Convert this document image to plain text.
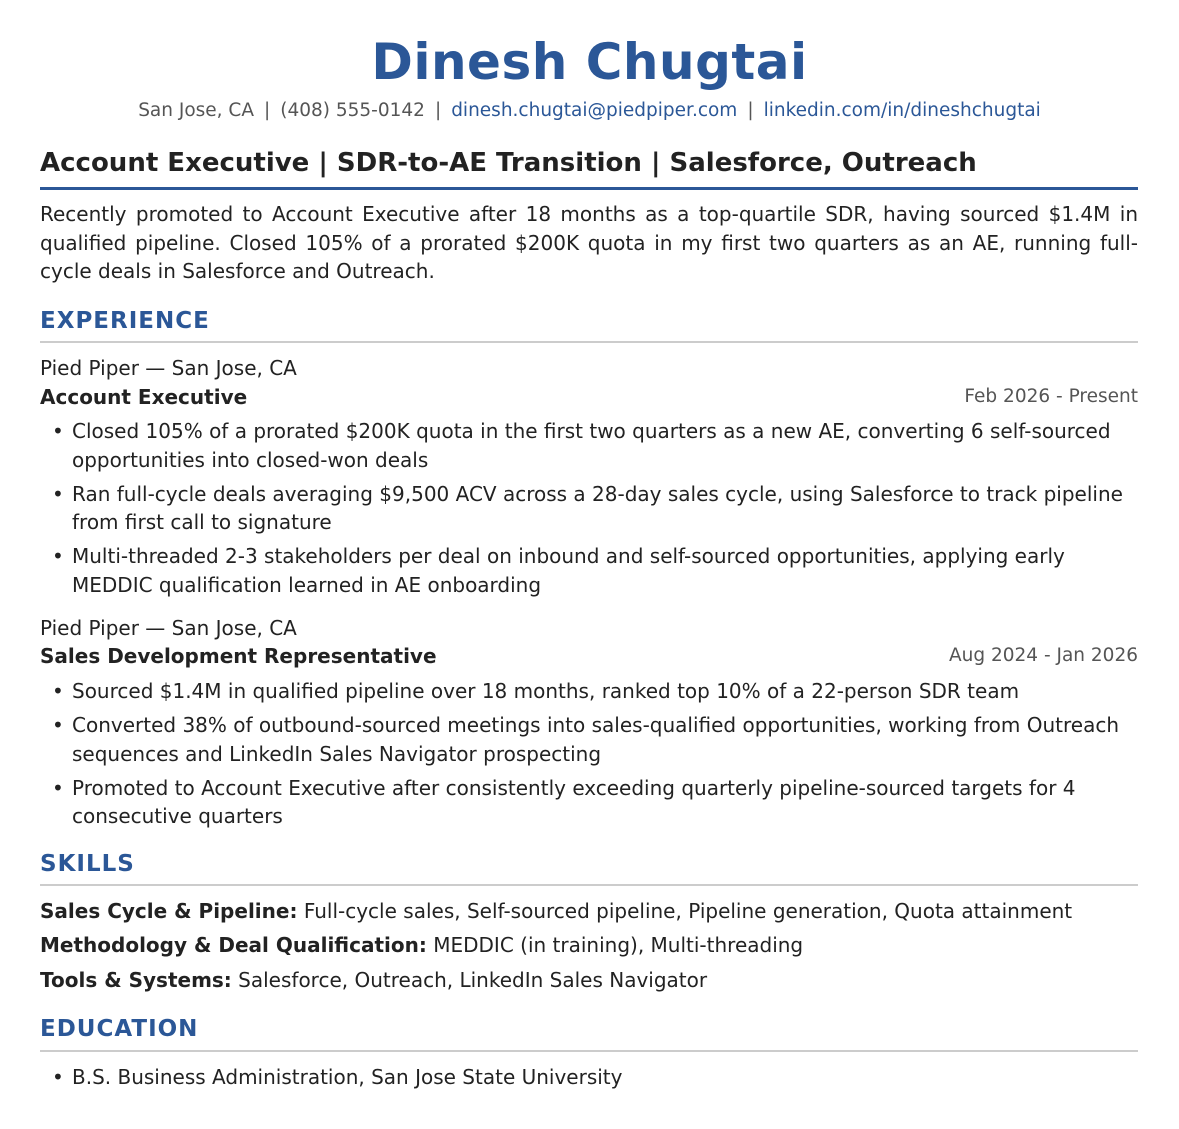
Dinesh Chugtai
San Jose, CA | (408) 555-0142 | dinesh.chugtai@piedpiper.com | linkedin.com/in/dineshchugtai
Account Executive | SDR-to-AE Transition | Salesforce, Outreach
Recently promoted to Account Executive after 18 months as a top-quartile SDR, having sourced $1.4M in qualified pipeline. Closed 105% of a prorated $200K quota in my first two quarters as an AE, running full-cycle deals in Salesforce and Outreach.
EXPERIENCE
Pied Piper — San Jose, CA
Account Executive	Feb 2026 - Present
• Closed 105% of a prorated $200K quota in the first two quarters as a new AE, converting 6 self-sourced opportunities into closed-won deals
• Ran full-cycle deals averaging $9,500 ACV across a 28-day sales cycle, using Salesforce to track pipeline from first call to signature
• Multi-threaded 2-3 stakeholders per deal on inbound and self-sourced opportunities, applying early MEDDIC qualification learned in AE onboarding
Pied Piper — San Jose, CA
Sales Development Representative	Aug 2024 - Jan 2026
• Sourced $1.4M in qualified pipeline over 18 months, ranked top 10% of a 22-person SDR team
• Converted 38% of outbound-sourced meetings into sales-qualified opportunities, working from Outreach sequences and LinkedIn Sales Navigator prospecting
• Promoted to Account Executive after consistently exceeding quarterly pipeline-sourced targets for 4 consecutive quarters
SKILLS
Sales Cycle & Pipeline: Full-cycle sales, Self-sourced pipeline, Pipeline generation, Quota attainment
Methodology & Deal Qualification: MEDDIC (in training), Multi-threading
Tools & Systems: Salesforce, Outreach, LinkedIn Sales Navigator
EDUCATION
• B.S. Business Administration, San Jose State University
